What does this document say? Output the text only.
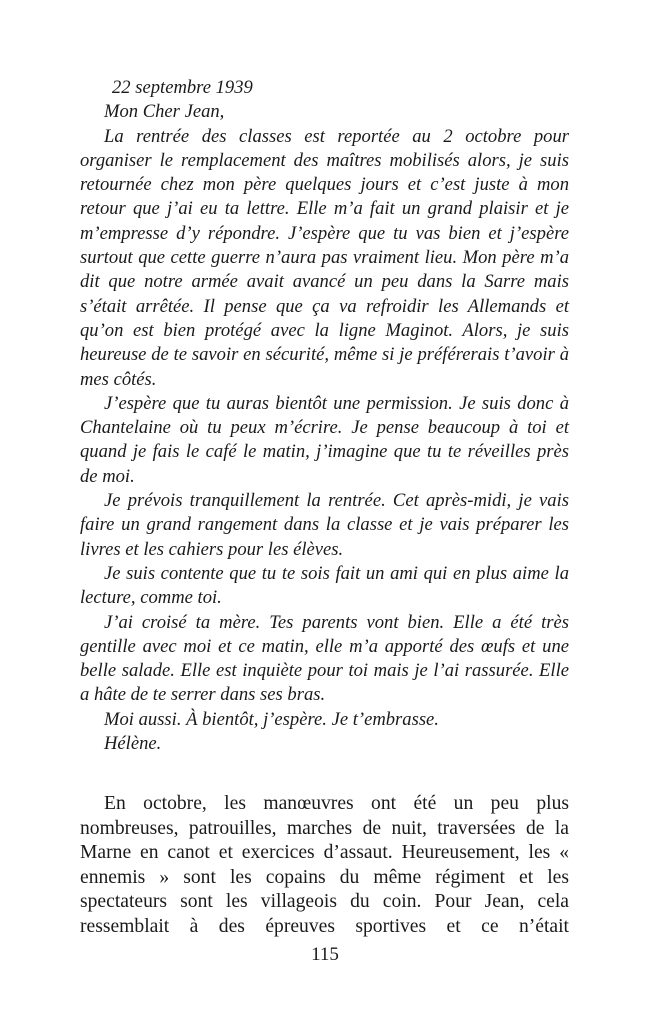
22 septembre 1939

Mon Cher Jean,

La rentrée des classes est reportée au 2 octobre pour organiser le remplacement des maîtres mobilisés alors, je suis retournée chez mon père quelques jours et c’est juste à mon retour que j’ai eu ta lettre. Elle m’a fait un grand plaisir et je m’empresse d’y répondre. J’espère que tu vas bien et j’espère surtout que cette guerre n’aura pas vraiment lieu. Mon père m’a dit que notre armée avait avancé un peu dans la Sarre mais s’était arrêtée. Il pense que ça va refroidir les Allemands et qu’on est bien protégé avec la ligne Maginot. Alors, je suis heureuse de te savoir en sécurité, même si je préférerais t’avoir à mes côtés.

J’espère que tu auras bientôt une permission. Je suis donc à Chantelaine où tu peux m’écrire. Je pense beaucoup à toi et quand je fais le café le matin, j’imagine que tu te réveilles près de moi.

Je prévois tranquillement la rentrée. Cet après-midi, je vais faire un grand rangement dans la classe et je vais préparer les livres et les cahiers pour les élèves.

Je suis contente que tu te sois fait un ami qui en plus aime la lecture, comme toi.

J’ai croisé ta mère. Tes parents vont bien. Elle a été très gentille avec moi et ce matin, elle m’a apporté des œufs et une belle salade. Elle est inquiète pour toi mais je l’ai rassurée. Elle a hâte de te serrer dans ses bras.

Moi aussi. À bientôt, j’espère. Je t’embrasse.

Hélène.

En octobre, les manœuvres ont été un peu plus nombreuses, patrouilles, marches de nuit, traversées de la Marne en canot et exercices d’assaut. Heureusement, les « ennemis » sont les copains du même régiment et les spectateurs sont les villageois du coin. Pour Jean, cela ressemblait à des épreuves sportives et ce n’était

115
